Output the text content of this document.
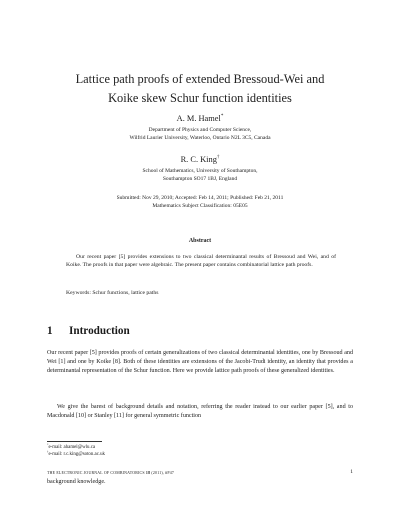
Lattice path proofs of extended Bressoud-Wei and
Koike skew Schur function identities
A. M. Hamel*
Department of Physics and Computer Science,
Wilfrid Laurier University, Waterloo, Ontario N2L 3C5, Canada
R. C. King†
School of Mathematics, University of Southampton,
Southampton SO17 1BJ, England
Submitted: Nov 29, 2010; Accepted: Feb 14, 2011; Published: Feb 21, 2011
Mathematics Subject Classification: 05E05
Abstract
Our recent paper [5] provides extensions to two classical determinantal results of Bressoud and Wei, and of Koike. The proofs in that paper were algebraic. The present paper contains combinatorial lattice path proofs.
Keywords: Schur functions, lattice paths
1 Introduction
Our recent paper [5] provides proofs of certain generalizations of two classical determinantal identities, one by Bressoud and Wei [1] and one by Koike [8]. Both of these identities are extensions of the Jacobi-Trudi identity, an identity that provides a determinantal representation of the Schur function. Here we provide lattice path proofs of these generalized identities.
We give the barest of background details and notation, referring the reader instead to our earlier paper [5], and to Macdonald [10] or Stanley [11] for general symmetric function
*e-mail: ahamel@wlu.ca
†e-mail: r.c.king@soton.ac.uk
THE ELECTRONIC JOURNAL OF COMBINATORICS 18 (2011), #P47	1
background knowledge.
